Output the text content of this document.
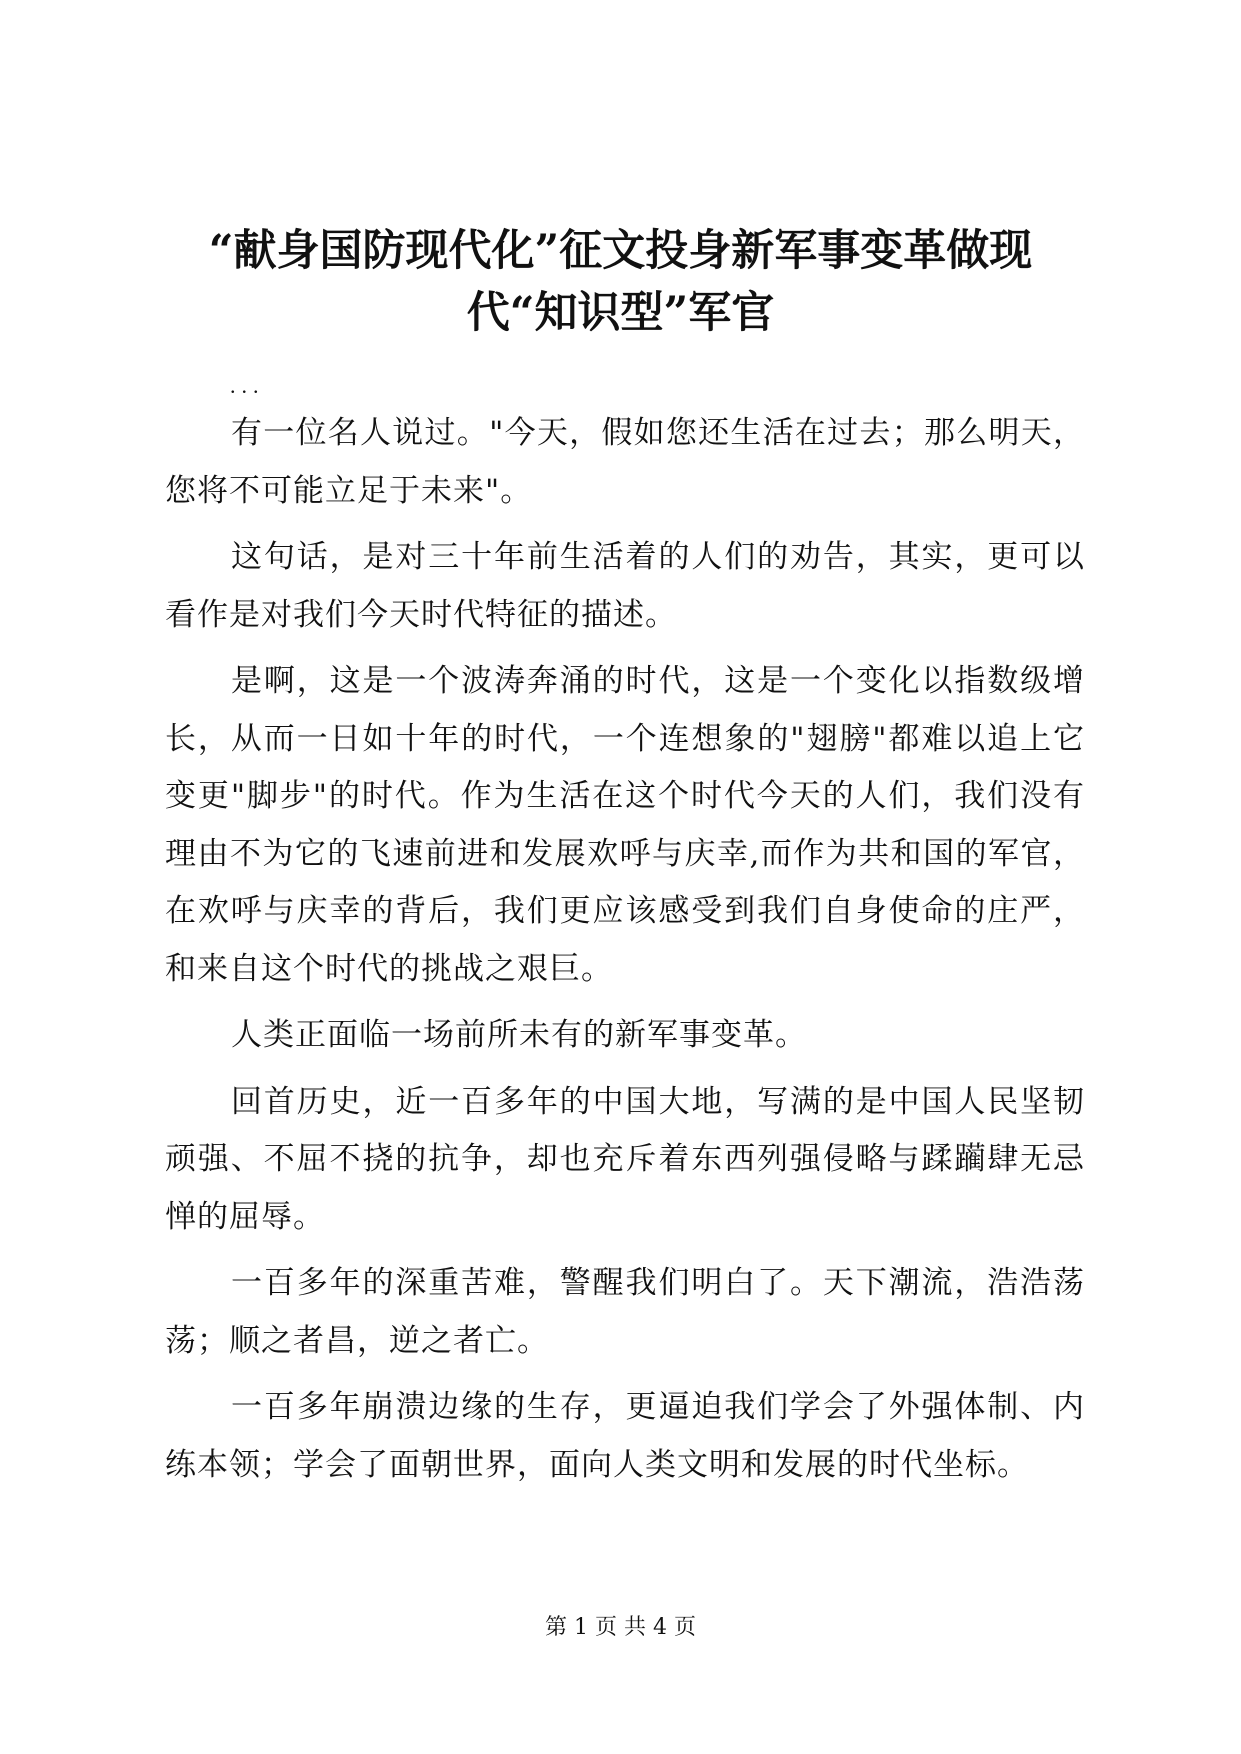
“献身国防现代化”征文投身新军事变革做现
代“知识型”军官
...

有一位名人说过。"今天，假如您还生活在过去；那么明天，您将不可能立足于未来"。

这句话，是对三十年前生活着的人们的劝告，其实，更可以看作是对我们今天时代特征的描述。

是啊，这是一个波涛奔涌的时代，这是一个变化以指数级增长，从而一日如十年的时代，一个连想象的"翅膀"都难以追上它变更"脚步"的时代。作为生活在这个时代今天的人们，我们没有理由不为它的飞速前进和发展欢呼与庆幸,而作为共和国的军官，在欢呼与庆幸的背后，我们更应该感受到我们自身使命的庄严，和来自这个时代的挑战之艰巨。

人类正面临一场前所未有的新军事变革。

回首历史，近一百多年的中国大地，写满的是中国人民坚韧顽强、不屈不挠的抗争，却也充斥着东西列强侵略与蹂躏肆无忌惮的屈辱。

一百多年的深重苦难，警醒我们明白了。天下潮流，浩浩荡荡；顺之者昌，逆之者亡。

一百多年崩溃边缘的生存，更逼迫我们学会了外强体制、内练本领；学会了面朝世界，面向人类文明和发展的时代坐标。

第 1 页 共 4 页
